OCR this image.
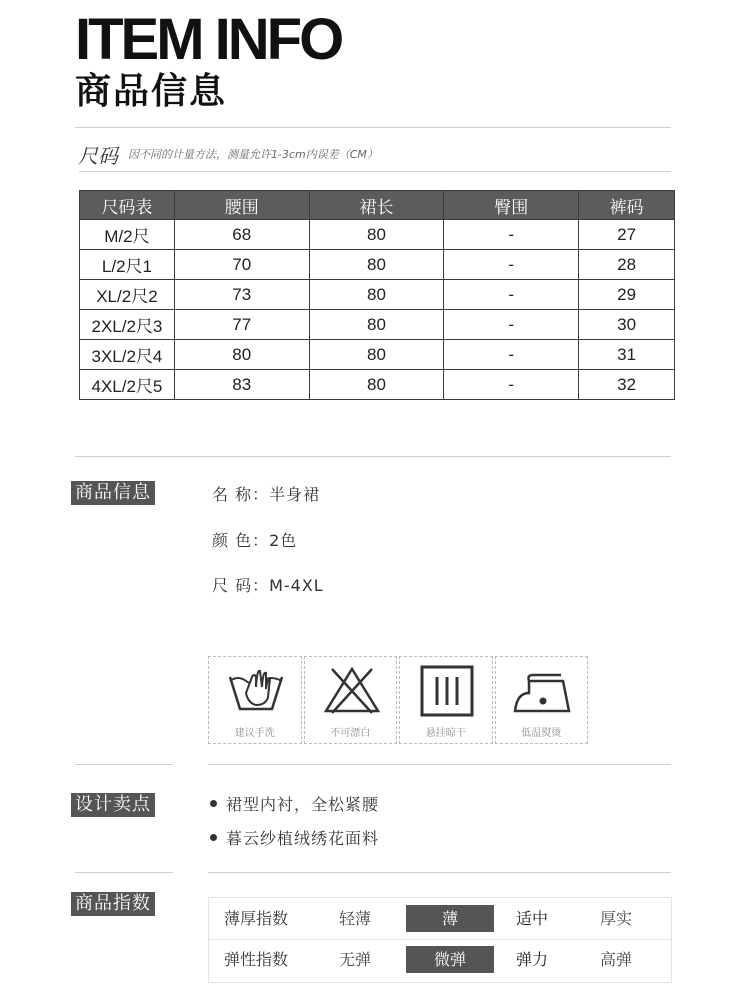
ITEM INFO
商品信息
尺码 因不同的计量方法，测量允许1-3cm内误差（CM）
尺码表	腰围	裙长	臀围	裤码
M/2尺	68	80	-	27
L/2尺1	70	80	-	28
XL/2尺2	73	80	-	29
2XL/2尺3	77	80	-	30
3XL/2尺4	80	80	-	31
4XL/2尺5	83	80	-	32
商品信息	名 称：半身裙
颜 色：2色
尺 码：M-4XL
建议手洗	不可漂白	悬挂晾干	低温熨烫
设计卖点	裙型内衬，全松紧腰
暮云纱植绒绣花面料
商品指数
薄厚指数	轻薄	薄	适中	厚实
弹性指数	无弹	微弹	弹力	高弹
